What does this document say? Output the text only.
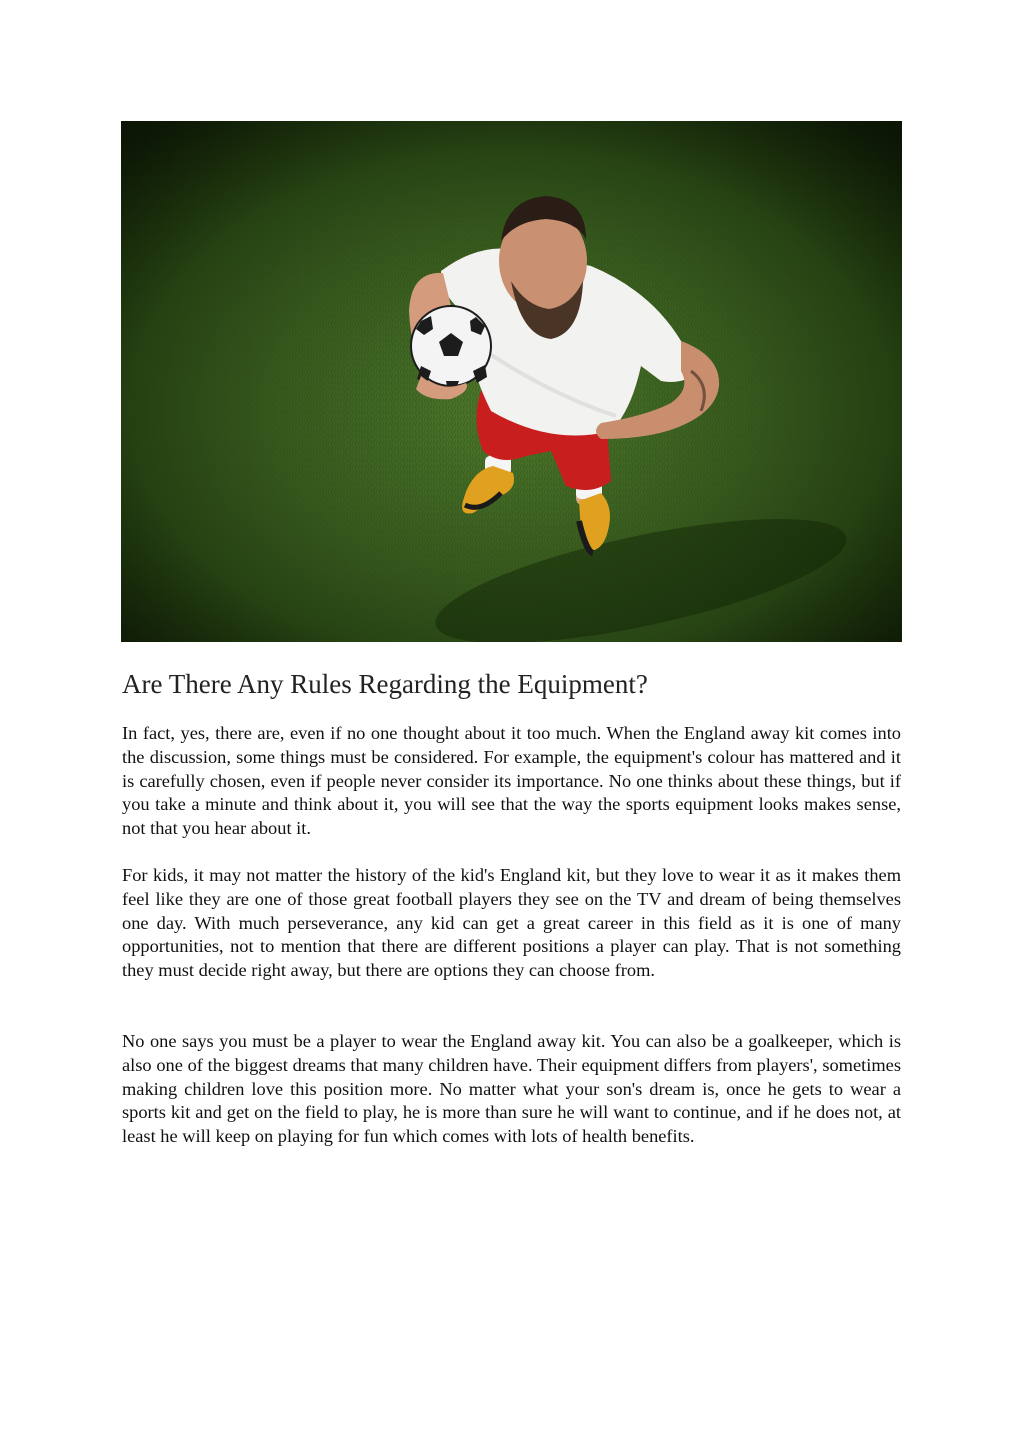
Are There Any Rules Regarding the Equipment?

In fact, yes, there are, even if no one thought about it too much. When the England away kit comes into the discussion, some things must be considered. For example, the equipment's colour has mattered and it is carefully chosen, even if people never consider its importance. No one thinks about these things, but if you take a minute and think about it, you will see that the way the sports equipment looks makes sense, not that you hear about it.

For kids, it may not matter the history of the kid's England kit, but they love to wear it as it makes them feel like they are one of those great football players they see on the TV and dream of being themselves one day. With much perseverance, any kid can get a great career in this field as it is one of many opportunities, not to mention that there are different positions a player can play. That is not something they must decide right away, but there are options they can choose from.

No one says you must be a player to wear the England away kit. You can also be a goalkeeper, which is also one of the biggest dreams that many children have. Their equipment differs from players', sometimes making children love this position more. No matter what your son's dream is, once he gets to wear a sports kit and get on the field to play, he is more than sure he will want to continue, and if he does not, at least he will keep on playing for fun which comes with lots of health benefits.
